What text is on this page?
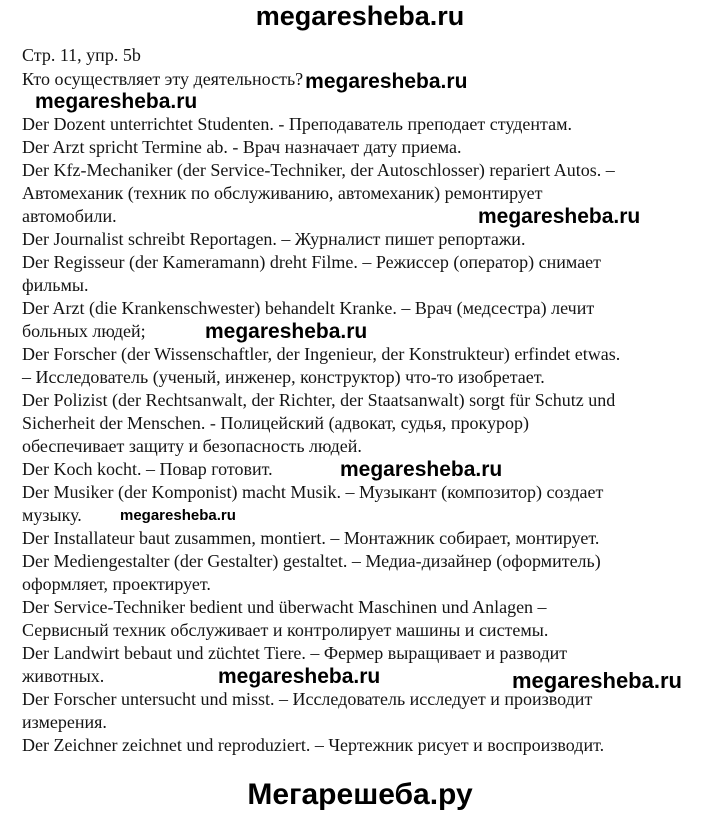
megaresheba.ru
Стр. 11, упр. 5b
Кто осуществляет эту деятельность?megaresheba.ru
megaresheba.ru
Der Dozent unterrichtet Studenten. - Преподаватель преподает студентам.
Der Arzt spricht Termine ab. - Врач назначает дату приема.
Der Kfz-Mechaniker (der Service-Techniker, der Autoschlosser) repariert Autos. –
Автомеханик (техник по обслуживанию, автомеханик) ремонтирует
автомобили.	megaresheba.ru
Der Journalist schreibt Reportagen. – Журналист пишет репортажи.
Der Regisseur (der Kameramann) dreht Filme. – Режиссер (оператор) снимает
фильмы.
Der Arzt (die Krankenschwester) behandelt Kranke. – Врач (медсестра) лечит
больных людей;	megaresheba.ru
Der Forscher (der Wissenschaftler, der Ingenieur, der Konstrukteur) erfindet etwas.
– Исследователь (ученый, инженер, конструктор) что-то изобретает.
Der Polizist (der Rechtsanwalt, der Richter, der Staatsanwalt) sorgt für Schutz und
Sicherheit der Menschen. - Полицейский (адвокат, судья, прокурор)
обеспечивает защиту и безопасность людей.
Der Koch kocht. – Повар готовит.	megaresheba.ru
Der Musiker (der Komponist) macht Musik. – Музыкант (композитор) создает
музыку.	megaresheba.ru
Der Installateur baut zusammen, montiert. – Монтажник собирает, монтирует.
Der Mediengestalter (der Gestalter) gestaltet. – Медиа-дизайнер (оформитель)
оформляет, проектирует.
Der Service-Techniker bedient und überwacht Maschinen und Anlagen –
Сервисный техник обслуживает и контролирует машины и системы.
Der Landwirt bebaut und züchtet Tiere. – Фермер выращивает и разводит
животных.	megaresheba.ru	megaresheba.ru
Der Forscher untersucht und misst. – Исследователь исследует и производит
измерения.
Der Zeichner zeichnet und reproduziert. – Чертежник рисует и воспроизводит.
Мегарешеба.ру
